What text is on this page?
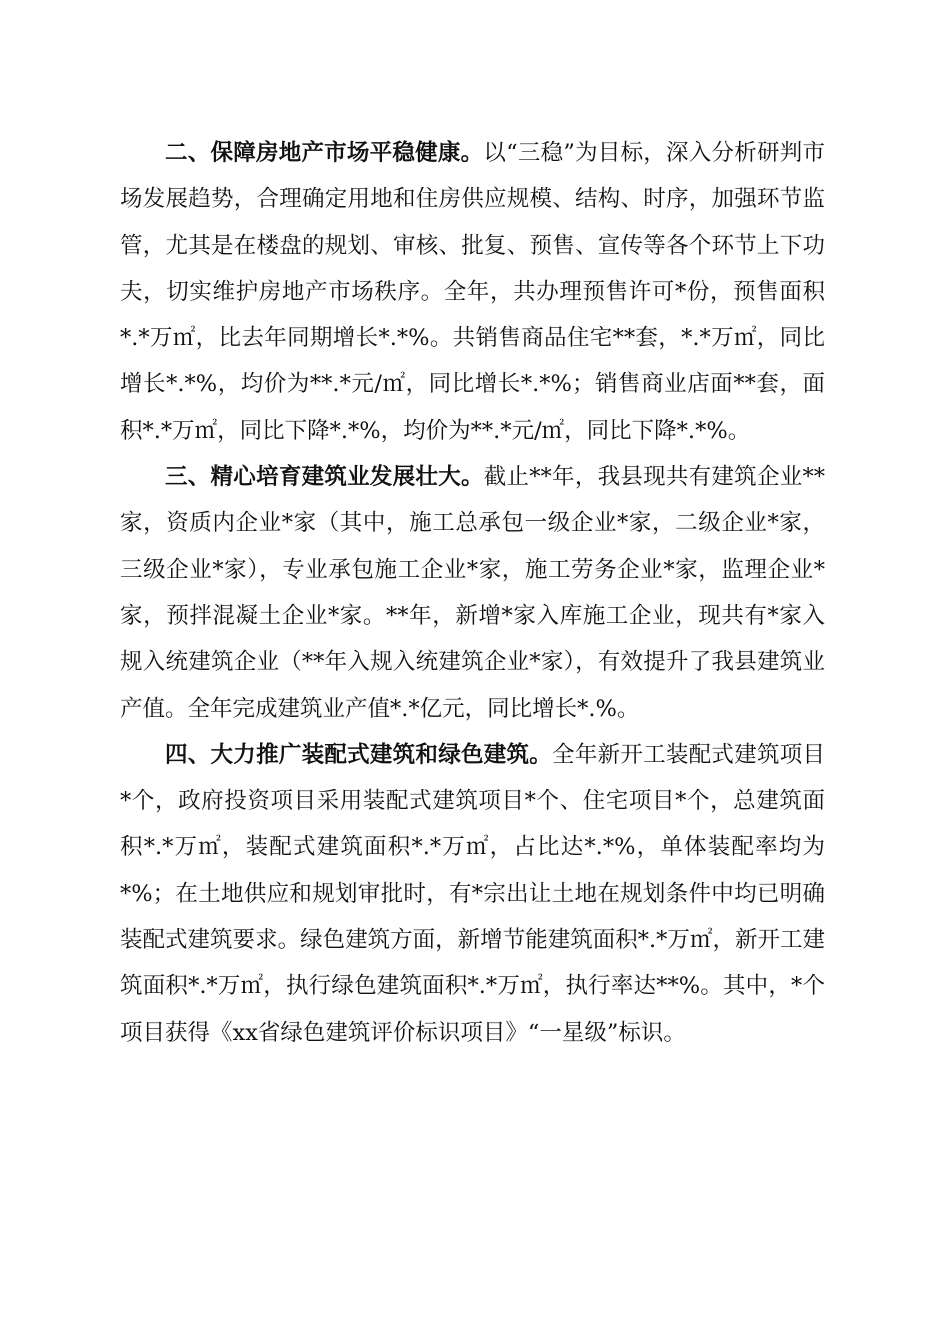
二、保障房地产市场平稳健康。以“三稳”为目标，深入分析研判市场发展趋势，合理确定用地和住房供应规模、结构、时序，加强环节监管，尤其是在楼盘的规划、审核、批复、预售、宣传等各个环节上下功夫，切实维护房地产市场秩序。全年，共办理预售许可*份，预售面积*.*万㎡，比去年同期增长*.*%。共销售商品住宅**套，*.*万㎡，同比增长*.*%，均价为**.*元/㎡，同比增长*.*%；销售商业店面**套，面积*.*万㎡，同比下降*.*%，均价为**.*元/㎡，同比下降*.*%。

三、精心培育建筑业发展壮大。截止**年，我县现共有建筑企业**家，资质内企业*家（其中，施工总承包一级企业*家，二级企业*家，三级企业*家），专业承包施工企业*家，施工劳务企业*家，监理企业*家，预拌混凝土企业*家。**年，新增*家入库施工企业，现共有*家入规入统建筑企业（**年入规入统建筑企业*家），有效提升了我县建筑业产值。全年完成建筑业产值*.*亿元，同比增长*.%。

四、大力推广装配式建筑和绿色建筑。全年新开工装配式建筑项目*个，政府投资项目采用装配式建筑项目*个、住宅项目*个，总建筑面积*.*万㎡，装配式建筑面积*.*万㎡，占比达*.*%，单体装配率均为*%；在土地供应和规划审批时，有*宗出让土地在规划条件中均已明确装配式建筑要求。绿色建筑方面，新增节能建筑面积*.*万㎡，新开工建筑面积*.*万㎡，执行绿色建筑面积*.*万㎡，执行率达**%。其中，*个项目获得《xx省绿色建筑评价标识项目》“一星级”标识。
